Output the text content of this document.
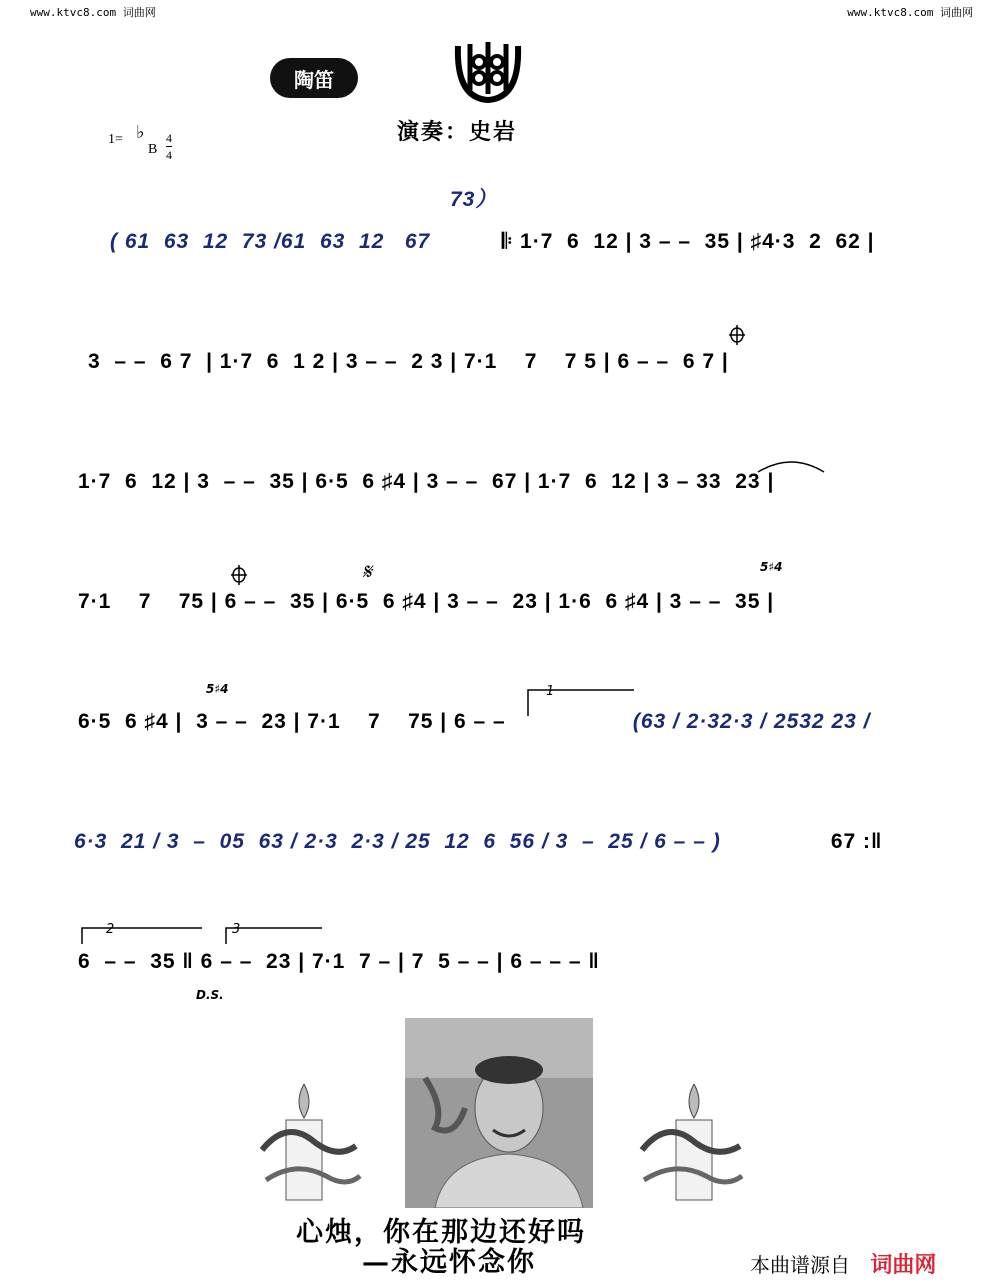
www.ktvc8.com 词曲网	www.ktvc8.com 词曲网
陶笛
演奏：史岩
1= ♭
B $\frac{4}{4}$
73）
( 61  63  12  73 /61  63  12   67	𝄆 1·7  6  12 | 3 – –  35 | ♯4·3  2  62 |
3  – –  6 7  | 1·7  6  1 2 | 3 – –  2 3 | 7·1    7    7 5 | 6 – –  6 7 |
1·7  6  12 | 3  – –  35 | 6·5  6 ♯4 | 3 – –  67 | 1·7  6  12 | 3 – 33  23 |
7·1    7    75 | 6 – –  35 | 6·5  6 ♯4 | 3 – –  23 | 1·6  6 ♯4 | 3 – –  35 |
𝄋	5♯4
6·5  6 ♯4 |  3 – –  23 | 7·1    7    75 | 6 – –	(63 / 2·32·3 / 2532 23 /
5♯4	1
6·3  21 / 3  –  05  63 / 2·3  2·3 / 25  12  6  56 / 3  –  25 / 6 – – )	67 :‖
6  – –  35 ‖ 6 – –  23 | 7·1  7 – | 7  5 – – | 6 – – – ‖
2	3
D.S.
心烛，你在那边还好吗
—永远怀念你	本曲谱源自 词曲网
